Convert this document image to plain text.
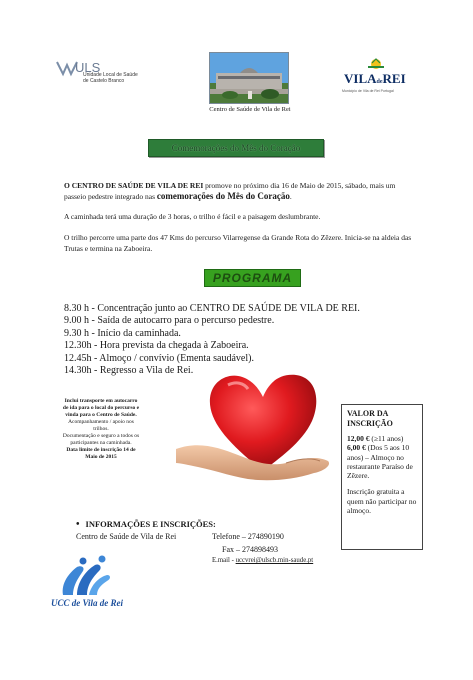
ULS
Unidade Local de Saúde
de Castelo Branco
Centro de Saúde de Vila de Rei
VILAdeREI
Município de Vila de Rei Portugal
Comemorações do Mês do Coração
O CENTRO DE SAÚDE DE VILA DE REI promove no próximo dia 16 de Maio de 2015, sábado, mais um passeio pedestre integrado nas comemorações do Mês do Coração.
A caminhada terá uma duração de 3 horas, o trilho é fácil e a paisagem deslumbrante.
O trilho percorre uma parte dos 47 Kms do percurso Vilarregense da Grande Rota do Zêzere. Inicia-se na aldeia das Trutas e termina na Zaboeira.
PROGRAMA
8.30 h - Concentração junto ao CENTRO DE SAÚDE DE VILA DE REI.
9.00 h - Saída de autocarro para o percurso pedestre.
9.30 h - Início da caminhada.
12.30h - Hora prevista da chegada à Zaboeira.
12.45h - Almoço / convívio (Ementa saudável).
14.30h - Regresso a Vila de Rei.
Inclui transporte em autocarro de ida para o local do percurso e vinda para o Centro de Saúde.
Acompanhamento / apoio nos trilhos.
Documentação e seguro a todos os participantes na caminhada.
Data limite de inscrição 14 de Maio de 2015
VALOR DA INSCRIÇÃO
12,00 € (≥11 anos)
6,00 € (Dos 5 aos 10 anos) – Almoço no restaurante Paraíso de Zêzere.
Inscrição gratuita a quem não participar no almoço.
• INFORMAÇÕES E INSCRIÇÕES:
Centro de Saúde de Vila de Rei	Telefone – 274890190
Fax – 274898493
E.mail - uccvrei@ulscb.min-saude.pt
UCC de Vila de Rei
